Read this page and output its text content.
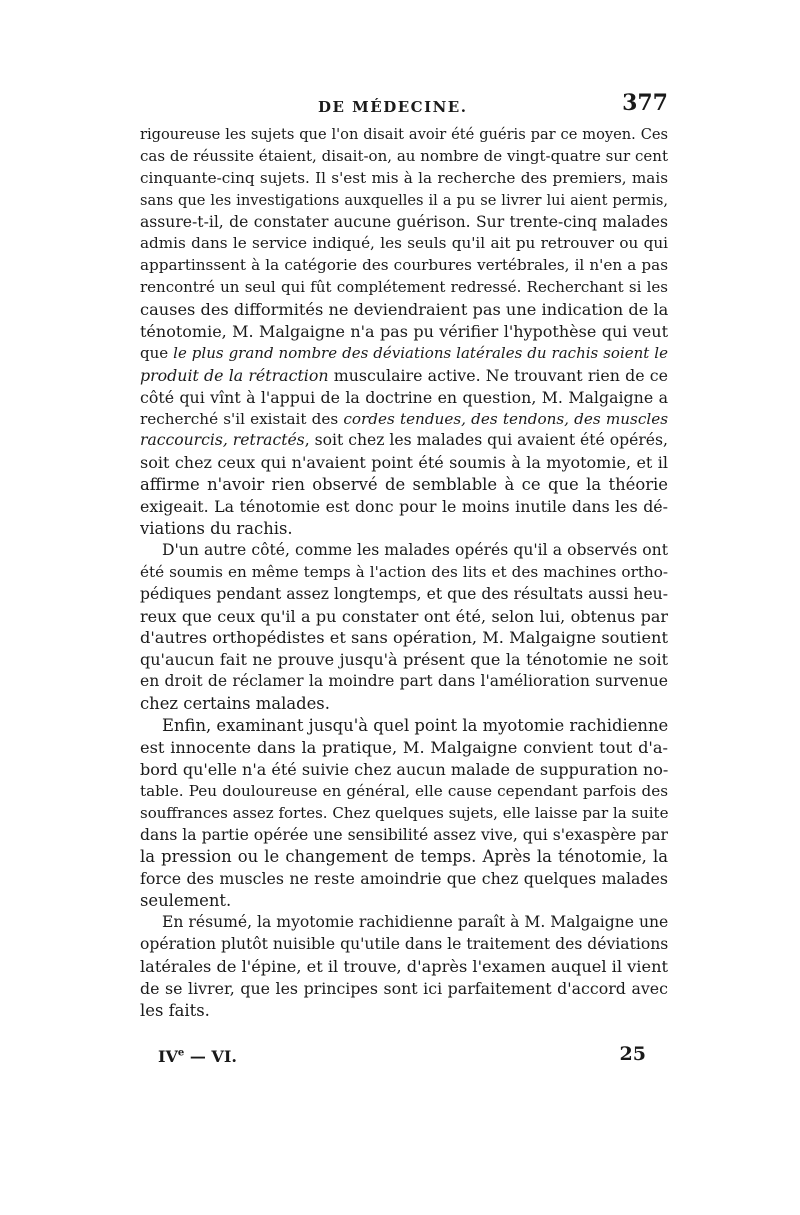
DE MÉDECINE.	377
rigoureuse les sujets que l'on disait avoir été guéris par ce moyen. Ces
cas de réussite étaient, disait-on, au nombre de vingt-quatre sur cent
cinquante-cinq sujets. Il s'est mis à la recherche des premiers, mais
sans que les investigations auxquelles il a pu se livrer lui aient permis,
assure-t-il, de constater aucune guérison. Sur trente-cinq malades
admis dans le service indiqué, les seuls qu'il ait pu retrouver ou qui
appartinssent à la catégorie des courbures vertébrales, il n'en a pas
rencontré un seul qui fût complétement redressé. Recherchant si les
causes des difformités ne deviendraient pas une indication de la
ténotomie, M. Malgaigne n'a pas pu vérifier l'hypothèse qui veut
que le plus grand nombre des déviations latérales du rachis soient le
produit de la rétraction musculaire active. Ne trouvant rien de ce
côté qui vînt à l'appui de la doctrine en question, M. Malgaigne a
recherché s'il existait des cordes tendues, des tendons, des muscles
raccourcis, retractés, soit chez les malades qui avaient été opérés,
soit chez ceux qui n'avaient point été soumis à la myotomie, et il
affirme n'avoir rien observé de semblable à ce que la théorie
exigeait. La ténotomie est donc pour le moins inutile dans les dé-
viations du rachis.
D'un autre côté, comme les malades opérés qu'il a observés ont
été soumis en même temps à l'action des lits et des machines ortho-
pédiques pendant assez longtemps, et que des résultats aussi heu-
reux que ceux qu'il a pu constater ont été, selon lui, obtenus par
d'autres orthopédistes et sans opération, M. Malgaigne soutient
qu'aucun fait ne prouve jusqu'à présent que la ténotomie ne soit
en droit de réclamer la moindre part dans l'amélioration survenue
chez certains malades.
Enfin, examinant jusqu'à quel point la myotomie rachidienne
est innocente dans la pratique, M. Malgaigne convient tout d'a-
bord qu'elle n'a été suivie chez aucun malade de suppuration no-
table. Peu douloureuse en général, elle cause cependant parfois des
souffrances assez fortes. Chez quelques sujets, elle laisse par la suite
dans la partie opérée une sensibilité assez vive, qui s'exaspère par
la pression ou le changement de temps. Après la ténotomie, la
force des muscles ne reste amoindrie que chez quelques malades
seulement.
En résumé, la myotomie rachidienne paraît à M. Malgaigne une
opération plutôt nuisible qu'utile dans le traitement des déviations
latérales de l'épine, et il trouve, d'après l'examen auquel il vient
de se livrer, que les principes sont ici parfaitement d'accord avec
les faits.
IVe — VI.	25
